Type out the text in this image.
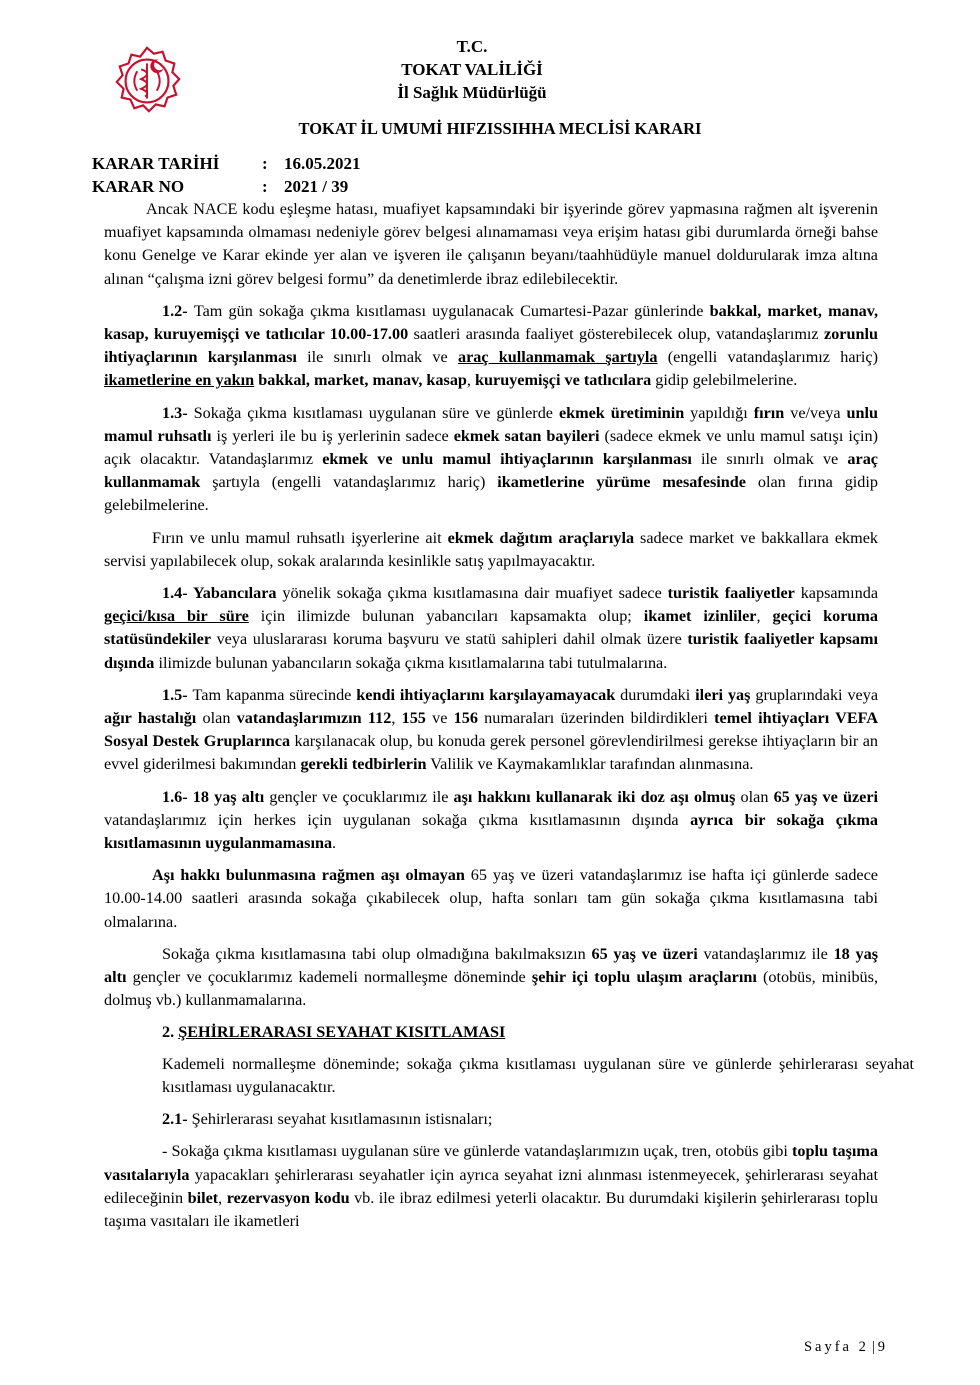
T.C.
TOKAT VALİLİĞİ
İl Sağlık Müdürlüğü
TOKAT İL UMUMİ HIFZISSIHHA MECLİSİ KARARI
KARAR TARİHİ	: 16.05.2021
KARAR NO	: 2021 / 39

Ancak NACE kodu eşleşme hatası, muafiyet kapsamındaki bir işyerinde görev yapmasına rağmen alt işverenin muafiyet kapsamında olmaması nedeniyle görev belgesi alınamaması veya erişim hatası gibi durumlarda örneği bahse konu Genelge ve Karar ekinde yer alan ve işveren ile çalışanın beyanı/taahhüdüyle manuel doldurularak imza altına alınan “çalışma izni görev belgesi formu” da denetimlerde ibraz edilebilecektir.

1.2- Tam gün sokağa çıkma kısıtlaması uygulanacak Cumartesi-Pazar günlerinde bakkal, market, manav, kasap, kuruyemişçi ve tatlıcılar 10.00-17.00 saatleri arasında faaliyet gösterebilecek olup, vatandaşlarımız zorunlu ihtiyaçlarının karşılanması ile sınırlı olmak ve araç kullanmamak şartıyla (engelli vatandaşlarımız hariç) ikametlerine en yakın bakkal, market, manav, kasap, kuruyemişçi ve tatlıcılara gidip gelebilmelerine.

1.3- Sokağa çıkma kısıtlaması uygulanan süre ve günlerde ekmek üretiminin yapıldığı fırın ve/veya unlu mamul ruhsatlı iş yerleri ile bu iş yerlerinin sadece ekmek satan bayileri (sadece ekmek ve unlu mamul satışı için) açık olacaktır. Vatandaşlarımız ekmek ve unlu mamul ihtiyaçlarının karşılanması ile sınırlı olmak ve araç kullanmamak şartıyla (engelli vatandaşlarımız hariç) ikametlerine yürüme mesafesinde olan fırına gidip gelebilmelerine.

Fırın ve unlu mamul ruhsatlı işyerlerine ait ekmek dağıtım araçlarıyla sadece market ve bakkallara ekmek servisi yapılabilecek olup, sokak aralarında kesinlikle satış yapılmayacaktır.

1.4- Yabancılara yönelik sokağa çıkma kısıtlamasına dair muafiyet sadece turistik faaliyetler kapsamında geçici/kısa bir süre için ilimizde bulunan yabancıları kapsamakta olup; ikamet izinliler, geçici koruma statüsündekiler veya uluslararası koruma başvuru ve statü sahipleri dahil olmak üzere turistik faaliyetler kapsamı dışında ilimizde bulunan yabancıların sokağa çıkma kısıtlamalarına tabi tutulmalarına.

1.5- Tam kapanma sürecinde kendi ihtiyaçlarını karşılayamayacak durumdaki ileri yaş gruplarındaki veya ağır hastalığı olan vatandaşlarımızın 112, 155 ve 156 numaraları üzerinden bildirdikleri temel ihtiyaçları VEFA Sosyal Destek Gruplarınca karşılanacak olup, bu konuda gerek personel görevlendirilmesi gerekse ihtiyaçların bir an evvel giderilmesi bakımından gerekli tedbirlerin Valilik ve Kaymakamlıklar tarafından alınmasına.

1.6- 18 yaş altı gençler ve çocuklarımız ile aşı hakkını kullanarak iki doz aşı olmuş olan 65 yaş ve üzeri vatandaşlarımız için herkes için uygulanan sokağa çıkma kısıtlamasının dışında ayrıca bir sokağa çıkma kısıtlamasının uygulanmamasına.

Aşı hakkı bulunmasına rağmen aşı olmayan 65 yaş ve üzeri vatandaşlarımız ise hafta içi günlerde sadece 10.00-14.00 saatleri arasında sokağa çıkabilecek olup, hafta sonları tam gün sokağa çıkma kısıtlamasına tabi olmalarına.

Sokağa çıkma kısıtlamasına tabi olup olmadığına bakılmaksızın 65 yaş ve üzeri vatandaşlarımız ile 18 yaş altı gençler ve çocuklarımız kademeli normalleşme döneminde şehir içi toplu ulaşım araçlarını (otobüs, minibüs, dolmuş vb.) kullanmamalarına.

2. ŞEHİRLERARASI SEYAHAT KISITLAMASI

Kademeli normalleşme döneminde; sokağa çıkma kısıtlaması uygulanan süre ve günlerde şehirlerarası seyahat kısıtlaması uygulanacaktır.

2.1- Şehirlerarası seyahat kısıtlamasının istisnaları;

- Sokağa çıkma kısıtlaması uygulanan süre ve günlerde vatandaşlarımızın uçak, tren, otobüs gibi toplu taşıma vasıtalarıyla yapacakları şehirlerarası seyahatler için ayrıca seyahat izni alınması istenmeyecek, şehirlerarası seyahat edileceğinin bilet, rezervasyon kodu vb. ile ibraz edilmesi yeterli olacaktır. Bu durumdaki kişilerin şehirlerarası toplu taşıma vasıtaları ile ikametleri

Sayfa 2 | 9
